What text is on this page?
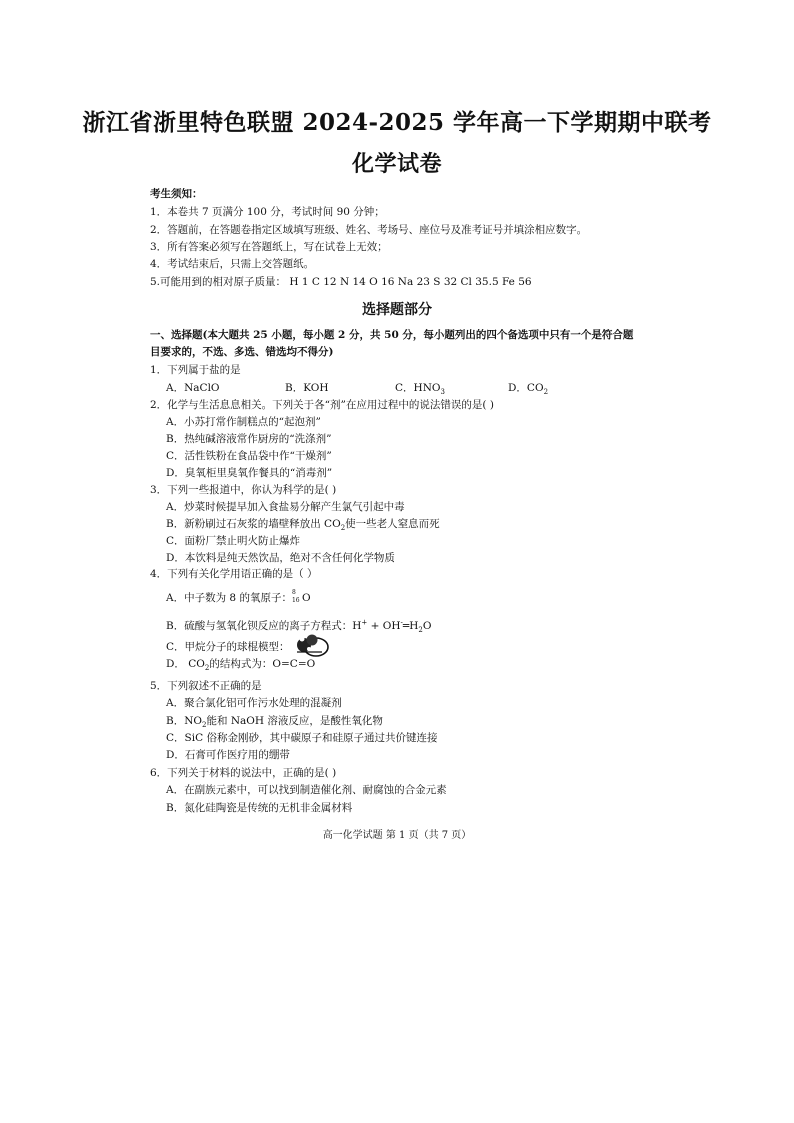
浙江省浙里特色联盟 2024-2025 学年高一下学期期中联考
化学试卷
考生须知：
1．本卷共 7 页满分 100 分，考试时间 90 分钟；
2．答题前，在答题卷指定区域填写班级、姓名、考场号、座位号及准考证号并填涂相应数字。
3．所有答案必须写在答题纸上，写在试卷上无效；
4．考试结束后，只需上交答题纸。
5.可能用到的相对原子质量： H 1 C 12 N 14 O 16 Na 23 S 32 Cl 35.5 Fe 56
选择题部分
一、选择题(本大题共 25 小题，每小题 2 分，共 50 分，每小题列出的四个备选项中只有一个是符合题
目要求的，不选、多选、错选均不得分)
1．下列属于盐的是
A．NaClO	B．KOH	C．$HNO_3$	D．$CO_2$
2．化学与生活息息相关。下列关于各“剂”在应用过程中的说法错误的是( )
A．小苏打常作制糕点的“起泡剂”
B．热纯碱溶液常作厨房的“洗涤剂”
C．活性铁粉在食品袋中作“干燥剂”
D．臭氧柜里臭氧作餐具的“消毒剂”
3．下列一些报道中，你认为科学的是( )
A．炒菜时候提早加入食盐易分解产生氯气引起中毒
B．新粉刷过石灰浆的墙壁释放出 $CO_2$使一些老人窒息而死
C．面粉厂禁止明火防止爆炸
D．本饮料是纯天然饮品，绝对不含任何化学物质
4．下列有关化学用语正确的是（ ）
A．中子数为 8 的氧原子： 8
16 O
B．硫酸与氢氧化钡反应的离子方程式：$H^+ + OH^-═H_2O$
C．甲烷分子的球棍模型：
D． $CO_2$的结构式为：O=C=O
5．下列叙述不正确的是
A．聚合氯化铝可作污水处理的混凝剂
B．$NO_2$能和 NaOH 溶液反应，是酸性氧化物
C．SiC 俗称金刚砂，其中碳原子和硅原子通过共价键连接
D．石膏可作医疗用的绷带
6．下列关于材料的说法中，正确的是( )
A．在副族元素中，可以找到制造催化剂、耐腐蚀的合金元素
B．氮化硅陶瓷是传统的无机非金属材料
高一化学试题 第 1 页（共 7 页）
